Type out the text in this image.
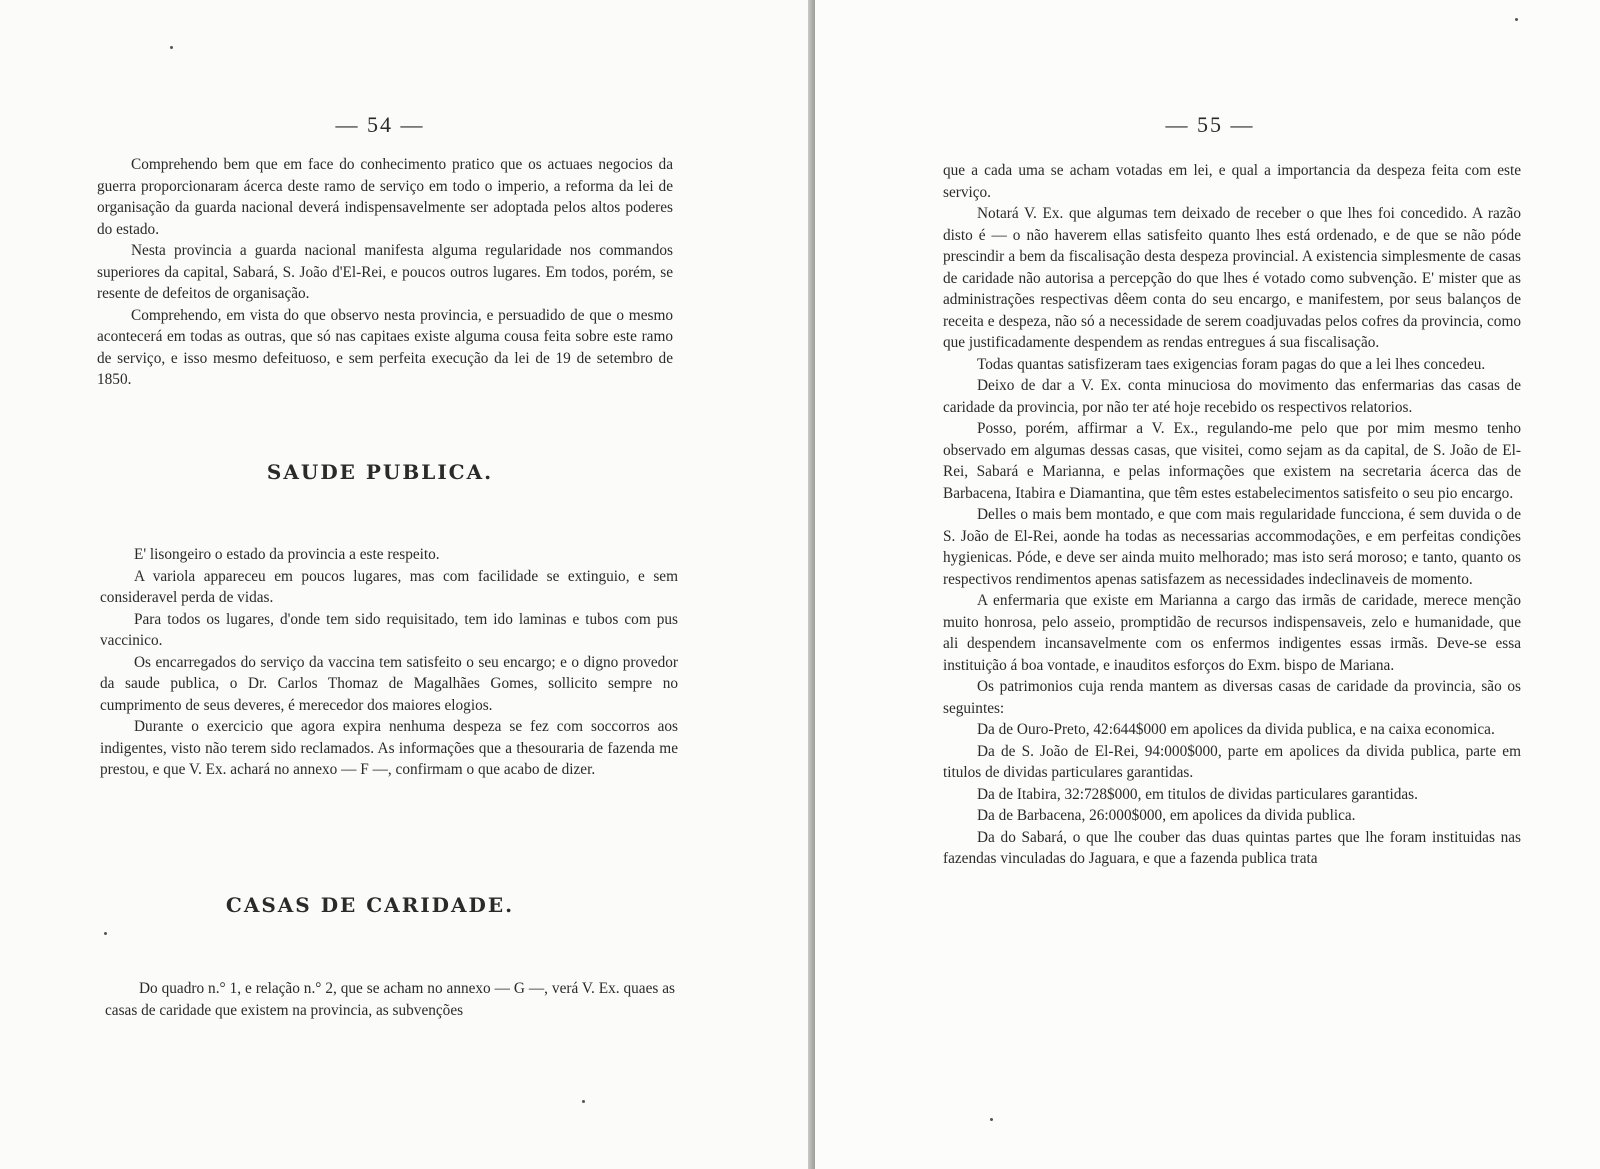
— 54 —

Comprehendo bem que em face do conhecimento pratico que os actuaes negocios da guerra proporcionaram ácerca deste ramo de serviço em todo o imperio, a reforma da lei de organisação da guarda nacional deverá indispensavelmente ser adoptada pelos altos poderes do estado.

Nesta provincia a guarda nacional manifesta alguma regularidade nos commandos superiores da capital, Sabará, S. João d'El-Rei, e poucos outros lugares. Em todos, porém, se resente de defeitos de organisação.

Comprehendo, em vista do que observo nesta provincia, e persuadido de que o mesmo acontecerá em todas as outras, que só nas capitaes existe alguma cousa feita sobre este ramo de serviço, e isso mesmo defeituoso, e sem perfeita execução da lei de 19 de setembro de 1850.

SAUDE PUBLICA.

E' lisongeiro o estado da provincia a este respeito.

A variola appareceu em poucos lugares, mas com facilidade se extinguio, e sem consideravel perda de vidas.

Para todos os lugares, d'onde tem sido requisitado, tem ido laminas e tubos com pus vaccinico.

Os encarregados do serviço da vaccina tem satisfeito o seu encargo; e o digno provedor da saude publica, o Dr. Carlos Thomaz de Magalhães Gomes, sollicito sempre no cumprimento de seus deveres, é merecedor dos maiores elogios.

Durante o exercicio que agora expira nenhuma despeza se fez com soccorros aos indigentes, visto não terem sido reclamados. As informações que a thesouraria de fazenda me prestou, e que V. Ex. achará no annexo — F —, confirmam o que acabo de dizer.

CASAS DE CARIDADE.

Do quadro n.° 1, e relação n.° 2, que se acham no annexo — G —, verá V. Ex. quaes as casas de caridade que existem na provincia, as subvenções

— 55 —

que a cada uma se acham votadas em lei, e qual a importancia da despeza feita com este serviço.

Notará V. Ex. que algumas tem deixado de receber o que lhes foi concedido. A razão disto é — o não haverem ellas satisfeito quanto lhes está ordenado, e de que se não póde prescindir a bem da fiscalisação desta despeza provincial. A existencia simplesmente de casas de caridade não autorisa a percepção do que lhes é votado como subvenção. E' mister que as administrações respectivas dêem conta do seu encargo, e manifestem, por seus balanços de receita e despeza, não só a necessidade de serem coadjuvadas pelos cofres da provincia, como que justificadamente despendem as rendas entregues á sua fiscalisação.

Todas quantas satisfizeram taes exigencias foram pagas do que a lei lhes concedeu.

Deixo de dar a V. Ex. conta minuciosa do movimento das enfermarias das casas de caridade da provincia, por não ter até hoje recebido os respectivos relatorios.

Posso, porém, affirmar a V. Ex., regulando-me pelo que por mim mesmo tenho observado em algumas dessas casas, que visitei, como sejam as da capital, de S. João de El-Rei, Sabará e Marianna, e pelas informações que existem na secretaria ácerca das de Barbacena, Itabira e Diamantina, que têm estes estabelecimentos satisfeito o seu pio encargo.

Delles o mais bem montado, e que com mais regularidade funcciona, é sem duvida o de S. João de El-Rei, aonde ha todas as necessarias accommodações, e em perfeitas condições hygienicas. Póde, e deve ser ainda muito melhorado; mas isto será moroso; e tanto, quanto os respectivos rendimentos apenas satisfazem as necessidades indeclinaveis de momento.

A enfermaria que existe em Marianna a cargo das irmãs de caridade, merece menção muito honrosa, pelo asseio, promptidão de recursos indispensaveis, zelo e humanidade, que ali despendem incansavelmente com os enfermos indigentes essas irmãs. Deve-se essa instituição á boa vontade, e inauditos esforços do Exm. bispo de Mariana.

Os patrimonios cuja renda mantem as diversas casas de caridade da provincia, são os seguintes:

Da de Ouro-Preto, 42:644$000 em apolices da divida publica, e na caixa economica.

Da de S. João de El-Rei, 94:000$000, parte em apolices da divida publica, parte em titulos de dividas particulares garantidas.

Da de Itabira, 32:728$000, em titulos de dividas particulares garantidas.

Da de Barbacena, 26:000$000, em apolices da divida publica.

Da do Sabará, o que lhe couber das duas quintas partes que lhe foram instituidas nas fazendas vinculadas do Jaguara, e que a fazenda publica trata
